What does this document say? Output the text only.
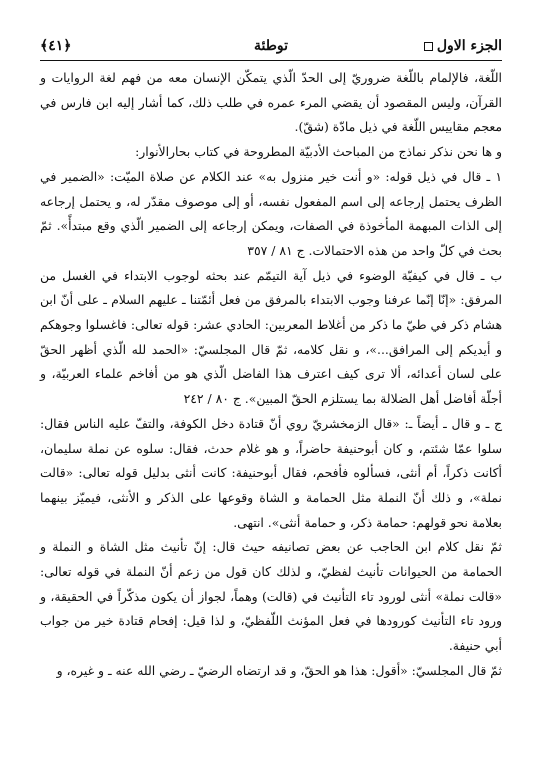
الجزء الاول
توطئة
﴿٤١﴾

اللّغة، فالإلمام باللّغة ضروريّ إلى الحدّ الّذي يتمكّن الإنسان معه من فهم لغة الروايات و القرآن، وليس المقصود أن يقضي المرء عمره في طلب ذلك، كما أشار إليه ابن فارس في معجم مقاييس اللّغة في ذيل مادّة (شقّ).

و ها نحن نذكر نماذج من المباحث الأدبيّة المطروحة في كتاب بحارالأنوار:

١ ـ قال في ذيل قوله: «و أنت خير منزول به» عند الكلام عن صلاة الميّت: «الضمير في الظرف يحتمل إرجاعه إلى اسم المفعول نفسه، أو إلى موصوف مقدّر له، و يحتمل إرجاعه إلى الذات المبهمة المأخوذة في الصفات، ويمكن إرجاعه إلى الضمير الّذي وقع مبتدأً». ثمّ بحث في كلّ واحد من هذه الاحتمالات. ج ٨١ / ٣٥٧

ب ـ قال في كيفيّة الوضوء في ذيل آية التيمّم عند بحثه لوجوب الابتداء في الغسل من المرفق: «إنّا إنّما عرفنا وجوب الابتداء بالمرفق من فعل أئمّتنا ـ عليهم السلام ـ على أنّ ابن هشام ذكر في طيّ ما ذكر من أغلاط المعربين: الحادي عشر: قوله تعالى: فاغسلوا وجوهكم و أيديكم إلى المرافق...»، و نقل كلامه، ثمّ قال المجلسيّ: «الحمد لله الّذي أظهر الحقّ على لسان أعدائه، ألا ترى كيف اعترف هذا الفاضل الّذي هو من أفاخم علماء العربيّة، و أجلّة أفاضل أهل الضلالة بما يستلزم الحقّ المبين». ج ٨٠ / ٢٤٢

ج ـ و قال ـ أيضاً ـ: «قال الزمخشريّ روي أنّ قتادة دخل الكوفة، والتفّ عليه الناس فقال: سلوا عمّا شئتم، و كان أبوحنيفة حاضراً، و هو غلام حدث، فقال: سلوه عن نملة سليمان، أكانت ذكراً، أم أنثى، فسألوه فأفحم، فقال أبوحنيفة: كانت أنثى بدليل قوله تعالى: «قالت نملة»، و ذلك أنّ النملة مثل الحمامة و الشاة وقوعها على الذكر و الأنثى، فيميّز بينهما بعلامة نحو قولهم: حمامة ذكر، و حمامة أنثى». انتهى.

ثمّ نقل كلام ابن الحاجب عن بعض تصانيفه حيث قال: إنّ تأنيث مثل الشاة و النملة و الحمامة من الحيوانات تأنيث لفظيّ، و لذلك كان قول من زعم أنّ النملة في قوله تعالى: «قالت نملة» أنثى لورود تاء التأنيث في (قالت) وهماً، لجواز أن يكون مذكّراً في الحقيقة، و ورود تاء التأنيث كورودها في فعل المؤنث اللّفظيّ، و لذا قيل: إفحام قتادة خير من جواب أبي حنيفة.

ثمّ قال المجلسيّ: «أقول: هذا هو الحقّ، و قد ارتضاه الرضيّ ـ رضي الله عنه ـ و غيره، و
